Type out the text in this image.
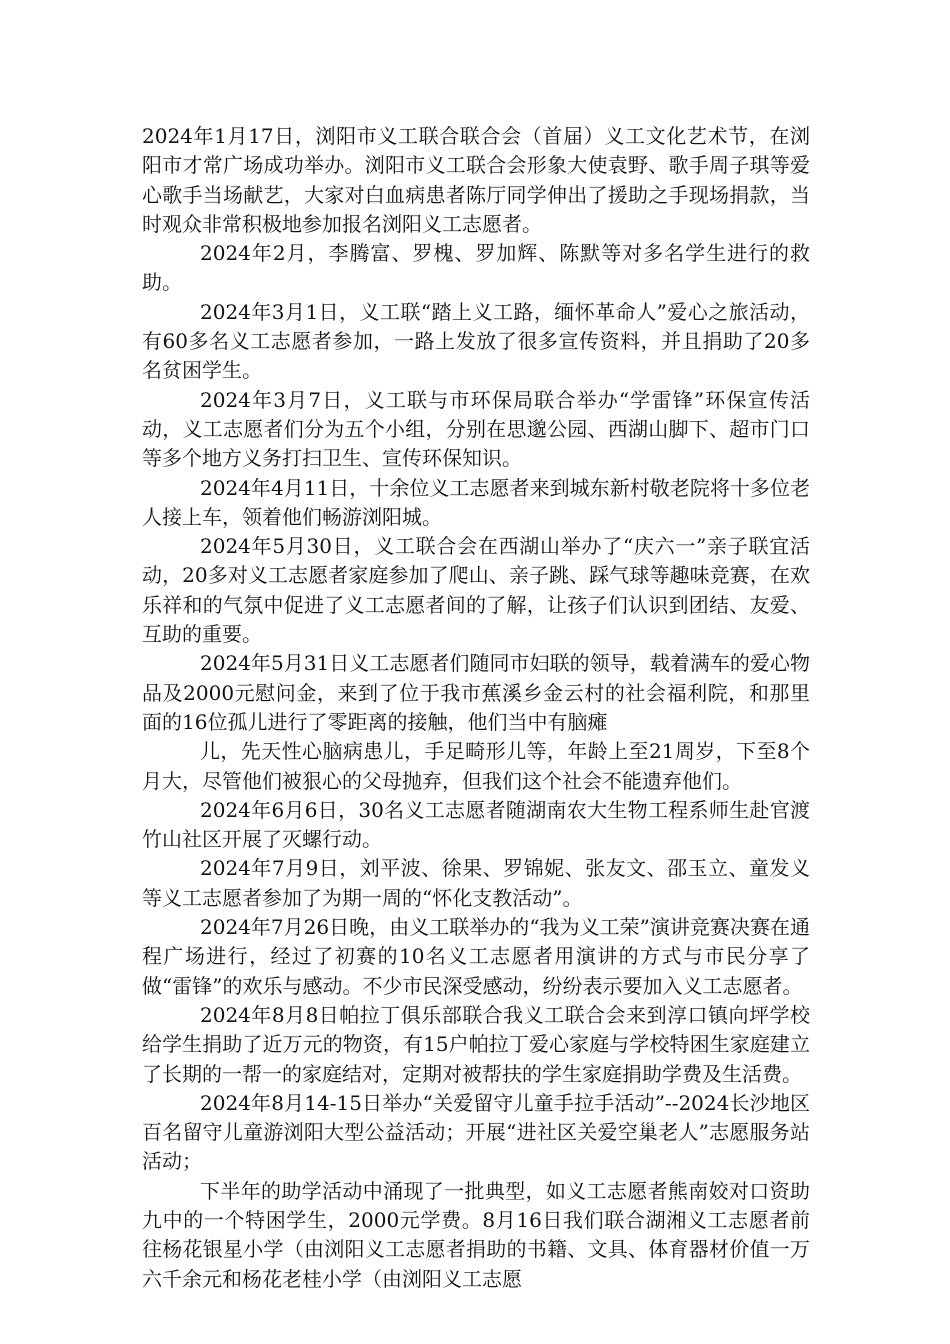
2024年1月17日，浏阳市义工联合联合会（首届）义工文化艺术节，在浏阳市才常广场成功举办。浏阳市义工联合会形象大使袁野、歌手周子琪等爱心歌手当场献艺，大家对白血病患者陈厅同学伸出了援助之手现场捐款，当时观众非常积极地参加报名浏阳义工志愿者。

2024年2月，李腾富、罗槐、罗加辉、陈默等对多名学生进行的救助。

2024年3月1日，义工联“踏上义工路，缅怀革命人”爱心之旅活动，有60多名义工志愿者参加，一路上发放了很多宣传资料，并且捐助了20多名贫困学生。

2024年3月7日，义工联与市环保局联合举办“学雷锋”环保宣传活动，义工志愿者们分为五个小组，分别在思邈公园、西湖山脚下、超市门口等多个地方义务打扫卫生、宣传环保知识。

2024年4月11日，十余位义工志愿者来到城东新村敬老院将十多位老人接上车，领着他们畅游浏阳城。

2024年5月30日，义工联合会在西湖山举办了“庆六一”亲子联宜活动，20多对义工志愿者家庭参加了爬山、亲子跳、踩气球等趣味竞赛，在欢乐祥和的气氛中促进了义工志愿者间的了解，让孩子们认识到团结、友爱、互助的重要。

2024年5月31日义工志愿者们随同市妇联的领导，载着满车的爱心物品及2000元慰问金，来到了位于我市蕉溪乡金云村的社会福利院，和那里面的16位孤儿进行了零距离的接触，他们当中有脑瘫

儿，先天性心脑病患儿，手足畸形儿等，年龄上至21周岁，下至8个月大，尽管他们被狠心的父母抛弃，但我们这个社会不能遗弃他们。

2024年6月6日，30名义工志愿者随湖南农大生物工程系师生赴官渡竹山社区开展了灭螺行动。

2024年7月9日，刘平波、徐果、罗锦妮、张友文、邵玉立、童发义等义工志愿者参加了为期一周的“怀化支教活动”。

2024年7月26日晚，由义工联举办的“我为义工荣”演讲竞赛决赛在通程广场进行，经过了初赛的10名义工志愿者用演讲的方式与市民分享了做“雷锋”的欢乐与感动。不少市民深受感动，纷纷表示要加入义工志愿者。

2024年8月8日帕拉丁俱乐部联合我义工联合会来到淳口镇向坪学校给学生捐助了近万元的物资，有15户帕拉丁爱心家庭与学校特困生家庭建立了长期的一帮一的家庭结对，定期对被帮扶的学生家庭捐助学费及生活费。

2024年8月14-15日举办“关爱留守儿童手拉手活动”--2024长沙地区百名留守儿童游浏阳大型公益活动；开展“进社区关爱空巢老人”志愿服务站活动；

下半年的助学活动中涌现了一批典型，如义工志愿者熊南姣对口资助九中的一个特困学生，2000元学费。8月16日我们联合湖湘义工志愿者前往杨花银星小学（由浏阳义工志愿者捐助的书籍、文具、体育器材价值一万六千余元和杨花老桂小学（由浏阳义工志愿
